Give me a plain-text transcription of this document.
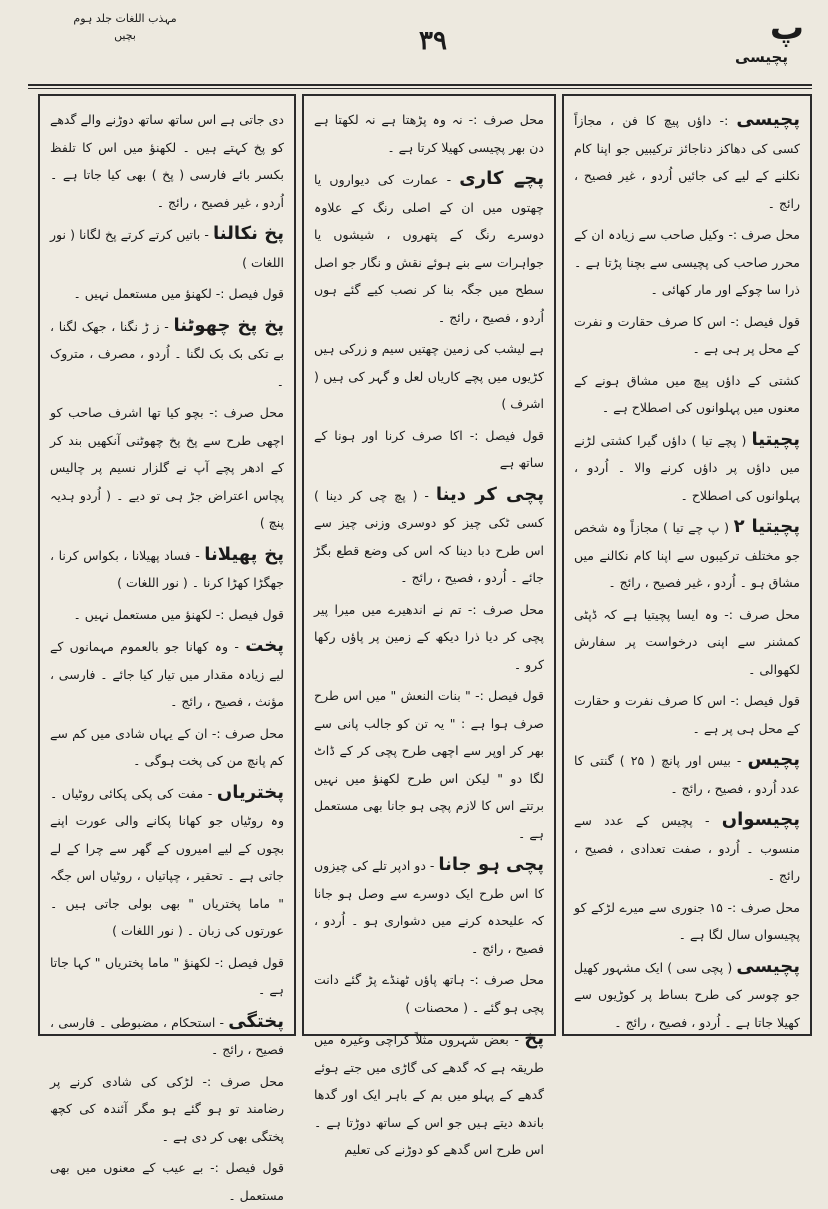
مہذب اللغات جلد ہوم
بچیں	۳۹	پ
پچیسی

پچیسی :- داؤں پیچ کا فن ، مجازاً کسی کی دھاکز دناجائز ترکیبیں جو اپنا کام نکلنے کے لیے کی جائیں اُردو ، غیر فصیح ، رائج ۔

محل صرف :- وکیل صاحب سے زیادہ ان کے محرر صاحب کی پچیسی سے بچنا پڑتا ہے ۔ ذرا سا چوکے اور مار کھائی ۔

قول فیصل :- اس کا صرف حقارت و نفرت کے محل پر ہی ہے ۔

کشتی کے داؤں پیچ میں مشاق ہونے کے معنوں میں پہلوانوں کی اصطلاح ہے ۔

پچیتیا ( پچے تیا ) داؤں گیرا کشتی لڑنے میں داؤں پر داؤں کرنے والا ۔ اُردو ، پہلوانوں کی اصطلاح ۔

پچیتیا ۲ ( پ چے تیا ) مجازاً وہ شخص جو مختلف ترکیبوں سے اپنا کام نکالنے میں مشاق ہو ۔ اُردو ، غیر فصیح ، رائج ۔

محل صرف :- وہ ایسا پچیتیا ہے کہ ڈپٹی کمشنر سے اپنی درخواست پر سفارش لکھوالی ۔

قول فیصل :- اس کا صرف نفرت و حقارت کے محل ہی پر ہے ۔

پچیس - بیس اور پانچ ( ۲۵ ) گنتی کا عدد اُردو ، فصیح ، رائج ۔

پچیسواں - پچیس کے عدد سے منسوب ۔ اُردو ، صفت تعدادی ، فصیح ، رائج ۔

محل صرف :- ۱۵ جنوری سے میرے لڑکے کو پچیسواں سال لگا ہے ۔

پچیسی ( پچی سی ) ایک مشہور کھیل جو چوسر کی طرح بساط پر کوڑیوں سے کھیلا جاتا ہے ۔ اُردو ، فصیح ، رائج ۔

محل صرف :- نہ وہ پڑھتا ہے نہ لکھتا ہے دن بھر پچیسی کھیلا کرتا ہے ۔

پچے کاری - عمارت کی دیواروں یا چھتوں میں ان کے اصلی رنگ کے علاوہ دوسرے رنگ کے پتھروں ، شیشوں یا جواہرات سے بنے ہوئے نقش و نگار جو اصل سطح میں جگہ بنا کر نصب کیے گئے ہوں اُردو ، فصیح ، رائج ۔

ہے لیشب کی زمین چھتیں سیم و زرکی ہیں کڑیوں میں پچے کاریاں لعل و گہر کی ہیں ( اشرف )

قول فیصل :- اکا صرف کرنا اور ہونا کے ساتھ ہے

پچی کر دینا - ( پچ چی کر دینا ) کسی ٹکی چیز کو دوسری وزنی چیز سے اس طرح دبا دینا کہ اس کی وضع قطع بگڑ جائے ۔ اُردو ، فصیح ، رائج ۔

محل صرف :- تم نے اندھیرے میں میرا پیر پچی کر دیا ذرا دیکھ کے زمین پر پاؤں رکھا کرو ۔

قول فیصل :- " بنات النعش " میں اس طرح صرف ہوا ہے : " یہ تن کو جالب پانی سے بھر کر اوپر سے اچھی طرح پچی کر کے ڈاٹ لگا دو " لیکن اس طرح لکھنؤ میں نہیں برتتے اس کا لازم پچی ہو جانا بھی مستعمل ہے ۔

پچی ہو جانا - دو ادپر تلے کی چیزوں کا اس طرح ایک دوسرے سے وصل ہو جانا کہ علیحدہ کرنے میں دشواری ہو ۔ اُردو ، فصیح ، رائج ۔

محل صرف :- ہاتھ پاؤں ٹھنڈے پڑ گئے دانت پچی ہو گئے ۔ ( محصنات )

پخ - بعض شہروں مثلاً کراچی وغیرہ میں طریقہ ہے کہ گدھے کی گاڑی میں جتے ہوئے گدھے کے پہلو میں بم کے باہر ایک اور گدھا باندھ دیتے ہیں جو اس کے ساتھ دوڑتا ہے ۔ اس طرح اس گدھے کو دوڑنے کی تعلیم

دی جاتی ہے اس ساتھ ساتھ دوڑنے والے گدھے کو پخ کہتے ہیں ۔ لکھنؤ میں اس کا تلفظ بکسر بائے فارسی ( پخ ) بھی کیا جاتا ہے ۔ اُردو ، غیر فصیح ، رائج ۔

پخ نکالنا - باتیں کرتے کرتے پخ لگانا ( نور اللغات )

قول فیصل :- لکھنؤ میں مستعمل نہیں ۔

پخ پخ چھوٹنا - ز ڑ نگنا ، جھک لگنا ، بے تکی بک بک لگنا ۔ اُردو ، مصرف ، متروک ۔

محل صرف :- بچو کیا تھا اشرف صاحب کو اچھی طرح سے پخ پخ چھوٹنی آنکھیں بند کر کے ادھر پچے آپ نے گلزار نسیم پر چالیس پچاس اعتراض جڑ ہی تو دیے ۔ ( اُردو ہدیہ پنچ )

پخ پھیلانا - فساد پھیلانا ، بکواس کرنا ، جھگڑا کھڑا کرنا ۔ ( نور اللغات )

قول فیصل :- لکھنؤ میں مستعمل نہیں ۔

پخت - وہ کھانا جو بالعموم مہمانوں کے لیے زیادہ مقدار میں تیار کیا جائے ۔ فارسی ، مؤنث ، فصیح ، رائج ۔

محل صرف :- ان کے یہاں شادی میں کم سے کم پانچ من کی پخت ہوگی ۔

پختریاں - مفت کی پکی پکائی روٹیاں ۔ وہ روٹیاں جو کھانا پکانے والی عورت اپنے بچوں کے لیے امیروں کے گھر سے چرا کے لے جاتی ہے ۔ تحقیر ، چپاتیاں ، روٹیاں اس جگہ " ماما پختریاں " بھی بولی جاتی ہیں ۔ عورتوں کی زبان ۔ ( نور اللغات )

قول فیصل :- لکھنؤ " ماما پختریاں " کہا جاتا ہے ۔

پختگی - استحکام ، مضبوطی ۔ فارسی ، فصیح ، رائج ۔

محل صرف :- لڑکی کی شادی کرنے پر رضامند تو ہو گئے ہو مگر آئندہ کی کچھ پختگی بھی کر دی ہے ۔

قول فیصل :- بے عیب کے معنوں میں بھی مستعمل ۔
